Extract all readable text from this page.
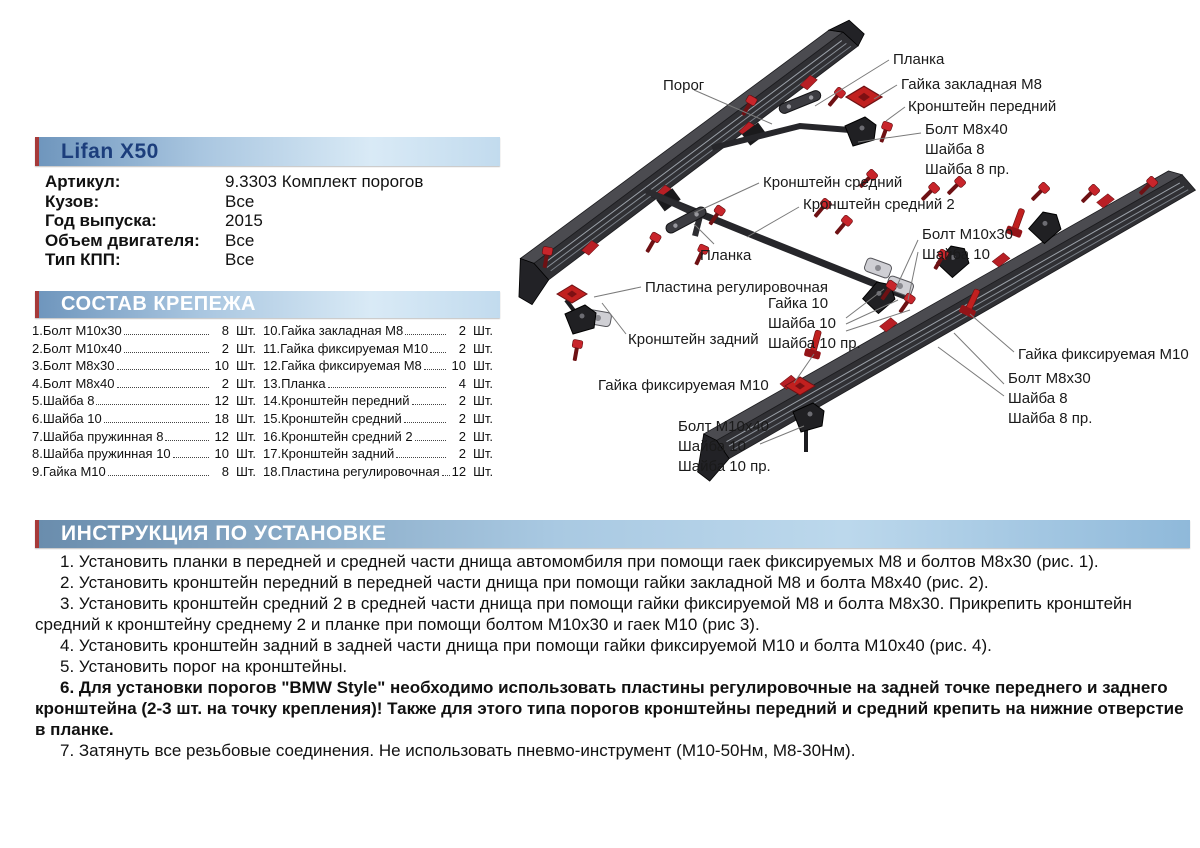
Порог
Планка
Гайка закладная М8
Кронштейн передний
Болт М8х40
Шайба 8
Шайба 8 пр.
Кронштейн средний
Кронштейн средний 2
Планка
Болт М10х30
Шайба 10
Пластина регулировочная
Гайка 10
Шайба 10
Шайба 10 пр.
Кронштейн задний
Гайка фиксируемая М10
Гайка фиксируемая М10
Болт М8х30
Шайба 8
Шайба 8 пр.
Болт М10х40
Шайба 10
Шайба 10 пр.
Lifan X50
Артикул:	9.3303 Комплект порогов
Кузов:	Все
Год выпуска:	2015
Объем двигателя:	Все
Тип КПП:	Все
СОСТАВ КРЕПЕЖА
1.Болт М10х30	8 Шт.
2.Болт М10х40	2 Шт.
3.Болт М8х30	10 Шт.
4.Болт М8х40	2 Шт.
5.Шайба 8	12 Шт.
6.Шайба 10	18 Шт.
7.Шайба пружинная 8	12 Шт.
8.Шайба пружинная 10	10 Шт.
9.Гайка М10	8 Шт.
10.Гайка закладная М8	2 Шт.
11.Гайка фиксируемая М10	2 Шт.
12.Гайка фиксируемая М8 10 Шт.
13.Планка	4 Шт.
14.Кронштейн передний	2 Шт.
15.Кронштейн средний	2 Шт.
16.Кронштейн средний 2	2 Шт.
17.Кронштейн задний	2 Шт.
18.Пластина регулировочная 12 Шт.
ИНСТРУКЦИЯ ПО УСТАНОВКЕ

1. Установить планки в передней и средней части днища автомомбиля при помощи гаек фиксируемых М8 и болтов М8х30 (рис. 1).

2. Установить кронштейн передний в передней части днища при помощи гайки закладной М8 и болта М8х40 (рис. 2).

3. Установить кронштейн средний 2 в средней части днища при помощи гайки фиксируемой М8 и болта М8х30. Прикрепить кронштейн средний к кронштейну среднему 2 и планке при помощи болтом М10х30 и гаек М10 (рис 3).

4. Установить кронштейн задний в задней части днища при помощи гайки фиксируемой М10 и болта М10х40 (рис. 4).

5. Установить порог на кронштейны.

6. Для установки порогов "BMW Style" необходимо использовать пластины регулировочные на задней точке переднего и заднего кронштейна (2-3 шт. на точку крепления)! Также для этого типа порогов кронштейны передний и средний крепить на нижние отверстие в планке.

7. Затянуть все резьбовые соединения. Не использовать пневмо-инструмент (М10-50Нм, М8-30Нм).
